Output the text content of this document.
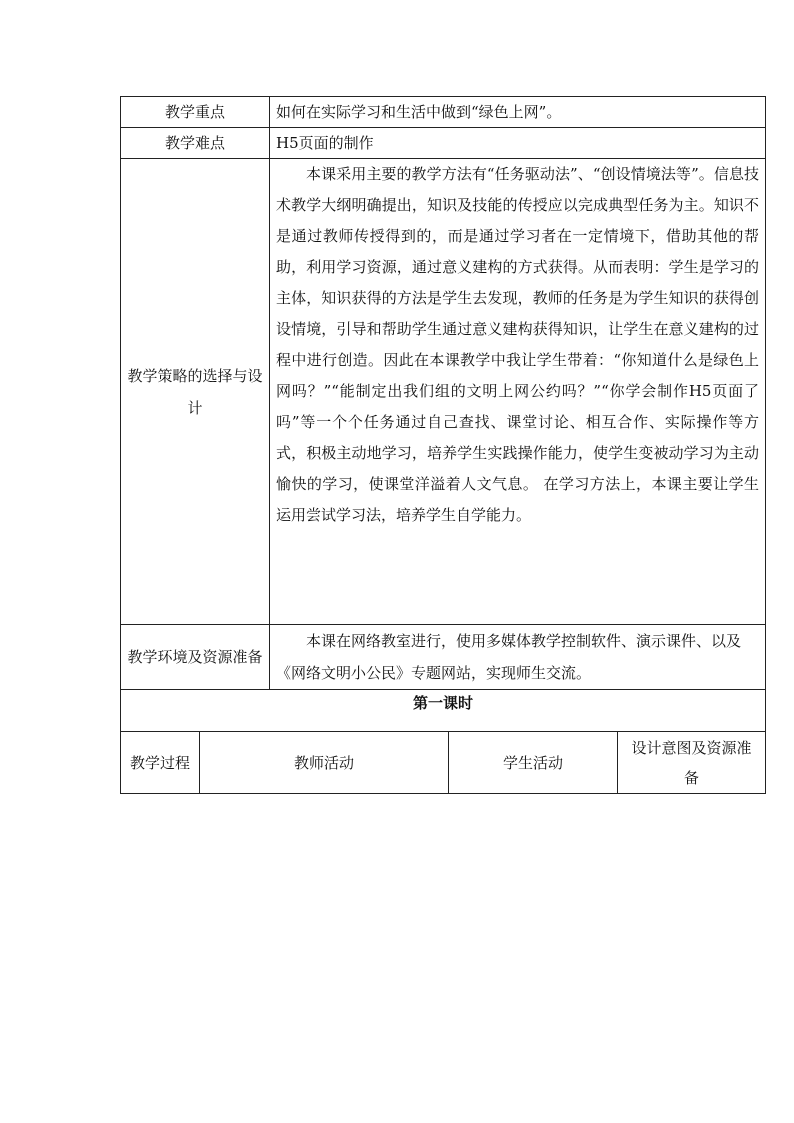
教学重点		如何在实际学习和生活中做到“绿色上网”。		
教学难点		H5页面的制作		
教学策略的选择与设计		本课采用主要的教学方法有“任务驱动法”、“创设情境法等”。信息技术教学大纲明确提出，知识及技能的传授应以完成典型任务为主。知识不是通过教师传授得到的，而是通过学习者在一定情境下，借助其他的帮助，利用学习资源，通过意义建构的方式获得。从而表明：学生是学习的主体，知识获得的方法是学生去发现，教师的任务是为学生知识的获得创设情境，引导和帮助学生通过意义建构获得知识，让学生在意义建构的过程中进行创造。因此在本课教学中我让学生带着：“你知道什么是绿色上网吗？”“能制定出我们组的文明上网公约吗？”“你学会制作H5页面了吗”等一个个任务通过自己查找、课堂讨论、相互合作、实际操作等方式，积极主动地学习，培养学生实践操作能力，使学生变被动学习为主动愉快的学习，使课堂洋溢着人文气息。 在学习方法上，本课主要让学生运用尝试学习法，培养学生自学能力。		
教学环境及资源准备		本课在网络教室进行，使用多媒体教学控制软件、演示课件、以及《网络文明小公民》专题网站，实现师生交流。		
第一课时				
教学过程	教师活动		学生活动	设计意图及资源准备
